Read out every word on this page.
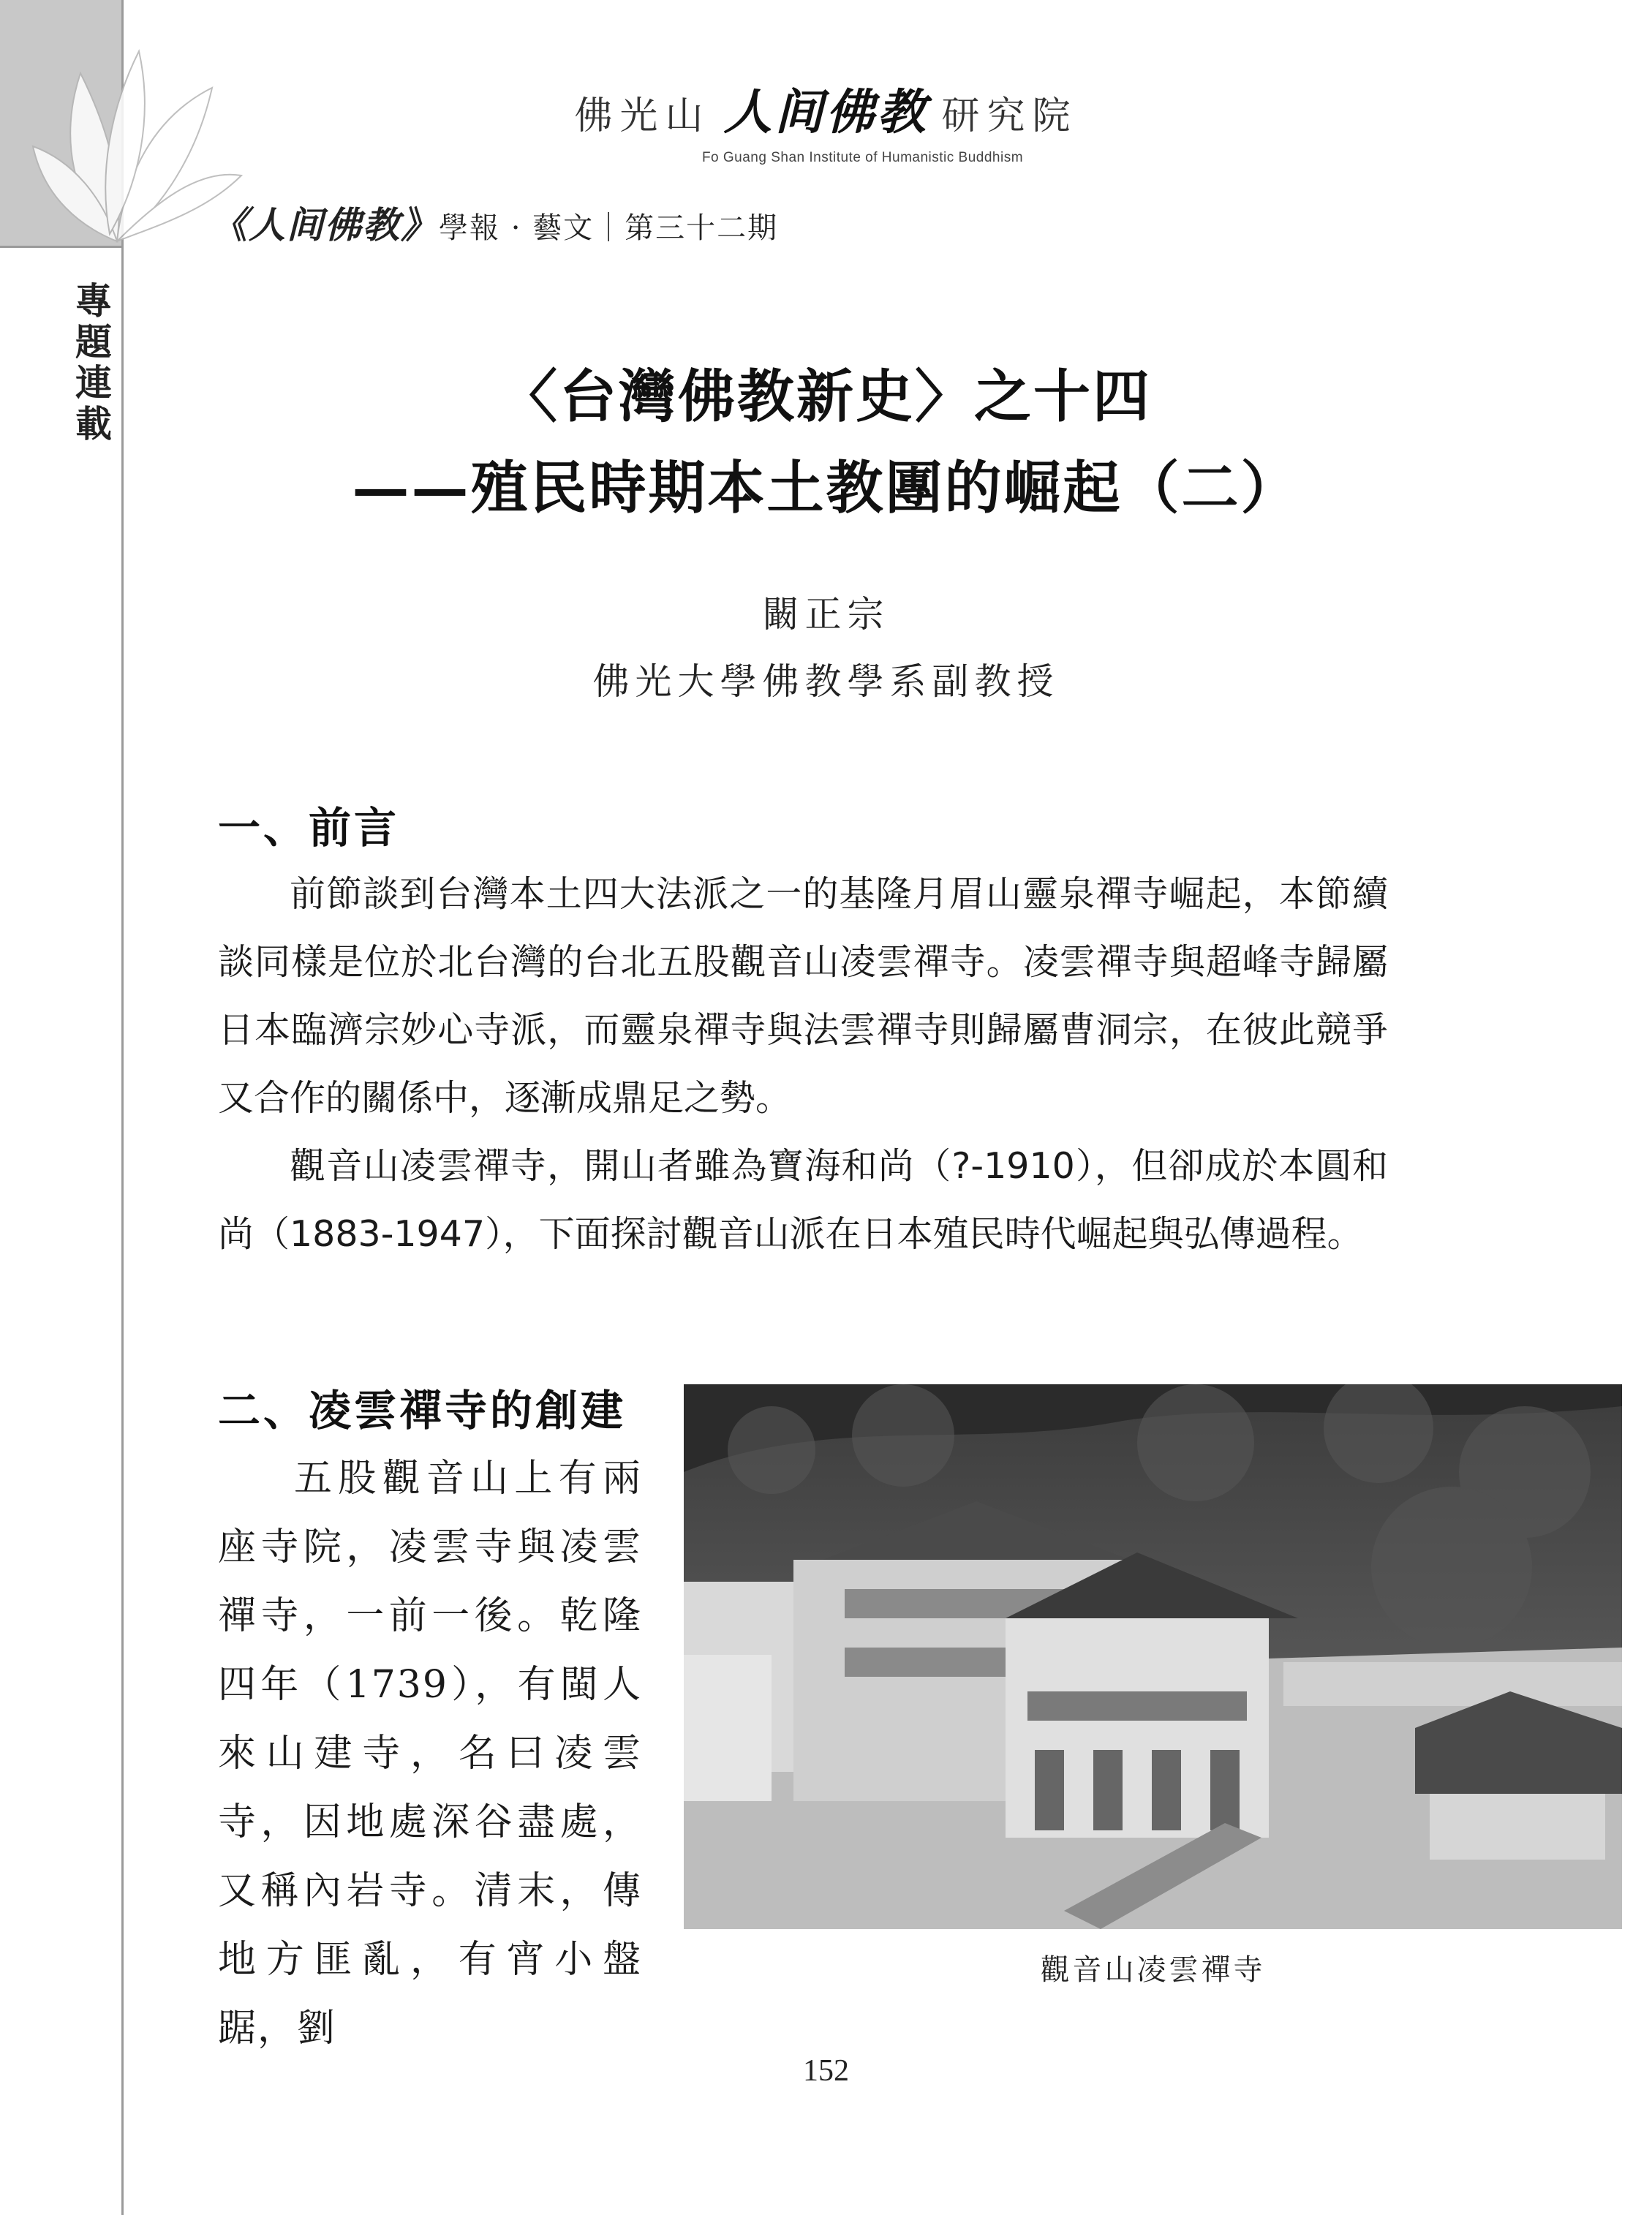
專題連載
佛光山 人间佛教 研究院
Fo Guang Shan Institute of Humanistic Buddhism
《人间佛教》學報 · 藝文｜第三十二期
〈台灣佛教新史〉之十四
——殖民時期本土教團的崛起（二）
闞正宗
佛光大學佛教學系副教授
一、前言

前節談到台灣本土四大法派之一的基隆月眉山靈泉禪寺崛起，本節續談同樣是位於北台灣的台北五股觀音山凌雲禪寺。凌雲禪寺與超峰寺歸屬日本臨濟宗妙心寺派，而靈泉禪寺與法雲禪寺則歸屬曹洞宗，在彼此競爭又合作的關係中，逐漸成鼎足之勢。

觀音山凌雲禪寺，開山者雖為寶海和尚（?-1910），但卻成於本圓和尚（1883-1947），下面探討觀音山派在日本殖民時代崛起與弘傳過程。

二、凌雲禪寺的創建

五股觀音山上有兩座寺院，凌雲寺與凌雲禪寺，一前一後。乾隆四年（1739），有閩人來山建寺，名曰凌雲寺，因地處深谷盡處，又稱內岩寺。清末，傳地方匪亂，有宵小盤踞，劉

觀音山凌雲禪寺
152
